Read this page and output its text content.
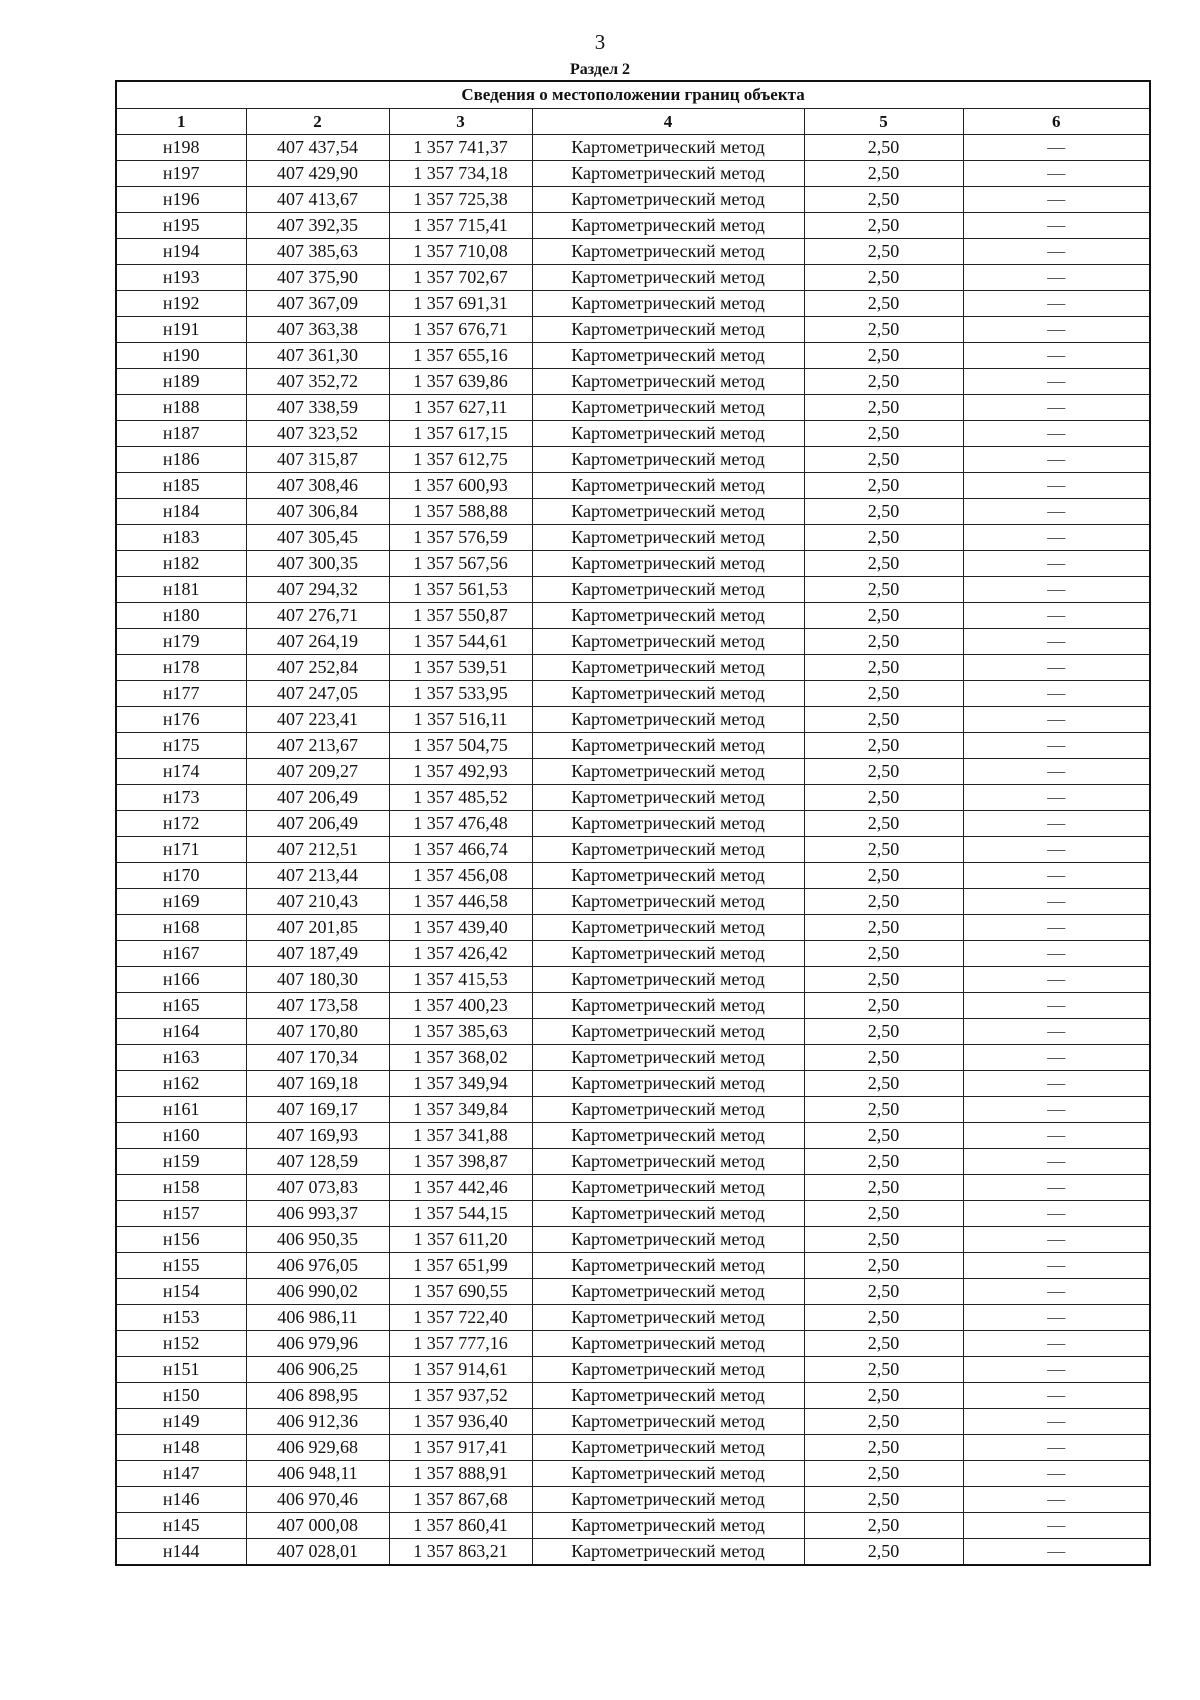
3
Раздел 2
Сведения о местоположении границ объекта					
1	2	3	4	5	6
н198	407 437,54	1 357 741,37	Картометрический метод	2,50	—
н197	407 429,90	1 357 734,18	Картометрический метод	2,50	—
н196	407 413,67	1 357 725,38	Картометрический метод	2,50	—
н195	407 392,35	1 357 715,41	Картометрический метод	2,50	—
н194	407 385,63	1 357 710,08	Картометрический метод	2,50	—
н193	407 375,90	1 357 702,67	Картометрический метод	2,50	—
н192	407 367,09	1 357 691,31	Картометрический метод	2,50	—
н191	407 363,38	1 357 676,71	Картометрический метод	2,50	—
н190	407 361,30	1 357 655,16	Картометрический метод	2,50	—
н189	407 352,72	1 357 639,86	Картометрический метод	2,50	—
н188	407 338,59	1 357 627,11	Картометрический метод	2,50	—
н187	407 323,52	1 357 617,15	Картометрический метод	2,50	—
н186	407 315,87	1 357 612,75	Картометрический метод	2,50	—
н185	407 308,46	1 357 600,93	Картометрический метод	2,50	—
н184	407 306,84	1 357 588,88	Картометрический метод	2,50	—
н183	407 305,45	1 357 576,59	Картометрический метод	2,50	—
н182	407 300,35	1 357 567,56	Картометрический метод	2,50	—
н181	407 294,32	1 357 561,53	Картометрический метод	2,50	—
н180	407 276,71	1 357 550,87	Картометрический метод	2,50	—
н179	407 264,19	1 357 544,61	Картометрический метод	2,50	—
н178	407 252,84	1 357 539,51	Картометрический метод	2,50	—
н177	407 247,05	1 357 533,95	Картометрический метод	2,50	—
н176	407 223,41	1 357 516,11	Картометрический метод	2,50	—
н175	407 213,67	1 357 504,75	Картометрический метод	2,50	—
н174	407 209,27	1 357 492,93	Картометрический метод	2,50	—
н173	407 206,49	1 357 485,52	Картометрический метод	2,50	—
н172	407 206,49	1 357 476,48	Картометрический метод	2,50	—
н171	407 212,51	1 357 466,74	Картометрический метод	2,50	—
н170	407 213,44	1 357 456,08	Картометрический метод	2,50	—
н169	407 210,43	1 357 446,58	Картометрический метод	2,50	—
н168	407 201,85	1 357 439,40	Картометрический метод	2,50	—
н167	407 187,49	1 357 426,42	Картометрический метод	2,50	—
н166	407 180,30	1 357 415,53	Картометрический метод	2,50	—
н165	407 173,58	1 357 400,23	Картометрический метод	2,50	—
н164	407 170,80	1 357 385,63	Картометрический метод	2,50	—
н163	407 170,34	1 357 368,02	Картометрический метод	2,50	—
н162	407 169,18	1 357 349,94	Картометрический метод	2,50	—
н161	407 169,17	1 357 349,84	Картометрический метод	2,50	—
н160	407 169,93	1 357 341,88	Картометрический метод	2,50	—
н159	407 128,59	1 357 398,87	Картометрический метод	2,50	—
н158	407 073,83	1 357 442,46	Картометрический метод	2,50	—
н157	406 993,37	1 357 544,15	Картометрический метод	2,50	—
н156	406 950,35	1 357 611,20	Картометрический метод	2,50	—
н155	406 976,05	1 357 651,99	Картометрический метод	2,50	—
н154	406 990,02	1 357 690,55	Картометрический метод	2,50	—
н153	406 986,11	1 357 722,40	Картометрический метод	2,50	—
н152	406 979,96	1 357 777,16	Картометрический метод	2,50	—
н151	406 906,25	1 357 914,61	Картометрический метод	2,50	—
н150	406 898,95	1 357 937,52	Картометрический метод	2,50	—
н149	406 912,36	1 357 936,40	Картометрический метод	2,50	—
н148	406 929,68	1 357 917,41	Картометрический метод	2,50	—
н147	406 948,11	1 357 888,91	Картометрический метод	2,50	—
н146	406 970,46	1 357 867,68	Картометрический метод	2,50	—
н145	407 000,08	1 357 860,41	Картометрический метод	2,50	—
н144	407 028,01	1 357 863,21	Картометрический метод	2,50	—
